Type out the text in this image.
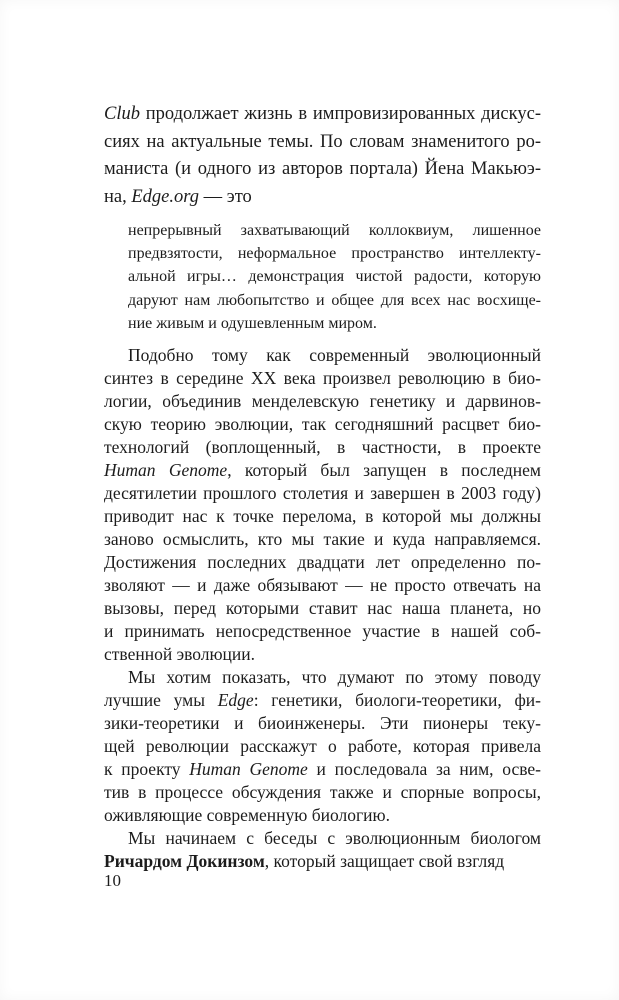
Club продолжает жизнь в импровизированных дискус-
сиях на актуальные темы. По словам знаменитого ро-
маниста (и одного из авторов портала) Йена Макьюэ-
на, Edge.org — это
непрерывный захватывающий коллоквиум, лишенное
предвзятости, неформальное пространство интеллекту-
альной игры… демонстрация чистой радости, которую
даруют нам любопытство и общее для всех нас восхище-
ние живым и одушевленным миром.
Подобно тому как современный эволюционный
синтез в середине XX века произвел революцию в био-
логии, объединив менделевскую генетику и дарвинов-
скую теорию эволюции, так сегодняшний расцвет био-
технологий (воплощенный, в частности, в проекте
Human Genome, который был запущен в последнем
десятилетии прошлого столетия и завершен в 2003 году)
приводит нас к точке перелома, в которой мы должны
заново осмыслить, кто мы такие и куда направляемся.
Достижения последних двадцати лет определенно по-
зволяют — и даже обязывают — не просто отвечать на
вызовы, перед которыми ставит нас наша планета, но
и принимать непосредственное участие в нашей соб-
ственной эволюции.
Мы хотим показать, что думают по этому поводу
лучшие умы Edge: генетики, биологи-теоретики, фи-
зики-теоретики и биоинженеры. Эти пионеры теку-
щей революции расскажут о работе, которая привела
к проекту Human Genome и последовала за ним, осве-
тив в процессе обсуждения также и спорные вопросы,
оживляющие современную биологию.
Мы начинаем с беседы с эволюционным биологом
Ричардом Докинзом, который защищает свой взгляд
10
